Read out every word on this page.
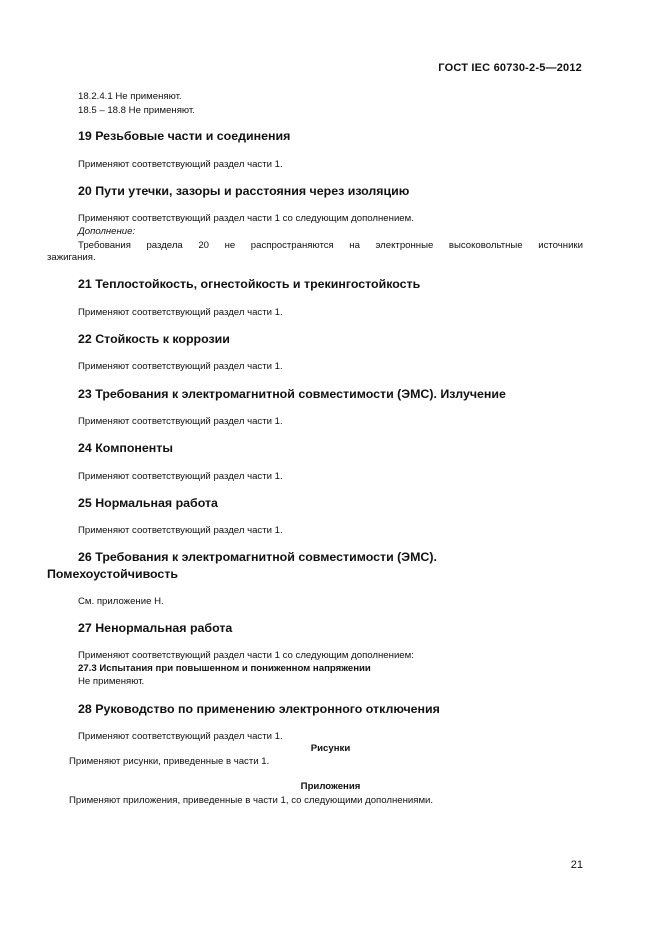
ГОСТ IEC 60730-2-5—2012
18.2.4.1 Не применяют.
18.5 – 18.8 Не применяют.
19 Резьбовые части и соединения
Применяют соответствующий раздел части 1.
20 Пути утечки, зазоры и расстояния через изоляцию
Применяют соответствующий раздел части 1 со следующим дополнением.
Дополнение:
Требования раздела 20 не распространяются на электронные высоковольтные источники
зажигания.
21 Теплостойкость, огнестойкость и трекингостойкость
Применяют соответствующий раздел части 1.
22 Стойкость к коррозии
Применяют соответствующий раздел части 1.
23 Требования к электромагнитной совместимости (ЭМС). Излучение
Применяют соответствующий раздел части 1.
24 Компоненты
Применяют соответствующий раздел части 1.
25 Нормальная работа
Применяют соответствующий раздел части 1.
26 Требования к электромагнитной совместимости (ЭМС).
Помехоустойчивость
См. приложение Н.
27 Ненормальная работа
Применяют соответствующий раздел части 1 со следующим дополнением:
27.3 Испытания при повышенном и пониженном напряжении
Не применяют.
28 Руководство по применению электронного отключения
Применяют соответствующий раздел части 1.
Рисунки
Применяют рисунки, приведенные в части 1.
Приложения
Применяют приложения, приведенные в части 1, со следующими дополнениями.
21
